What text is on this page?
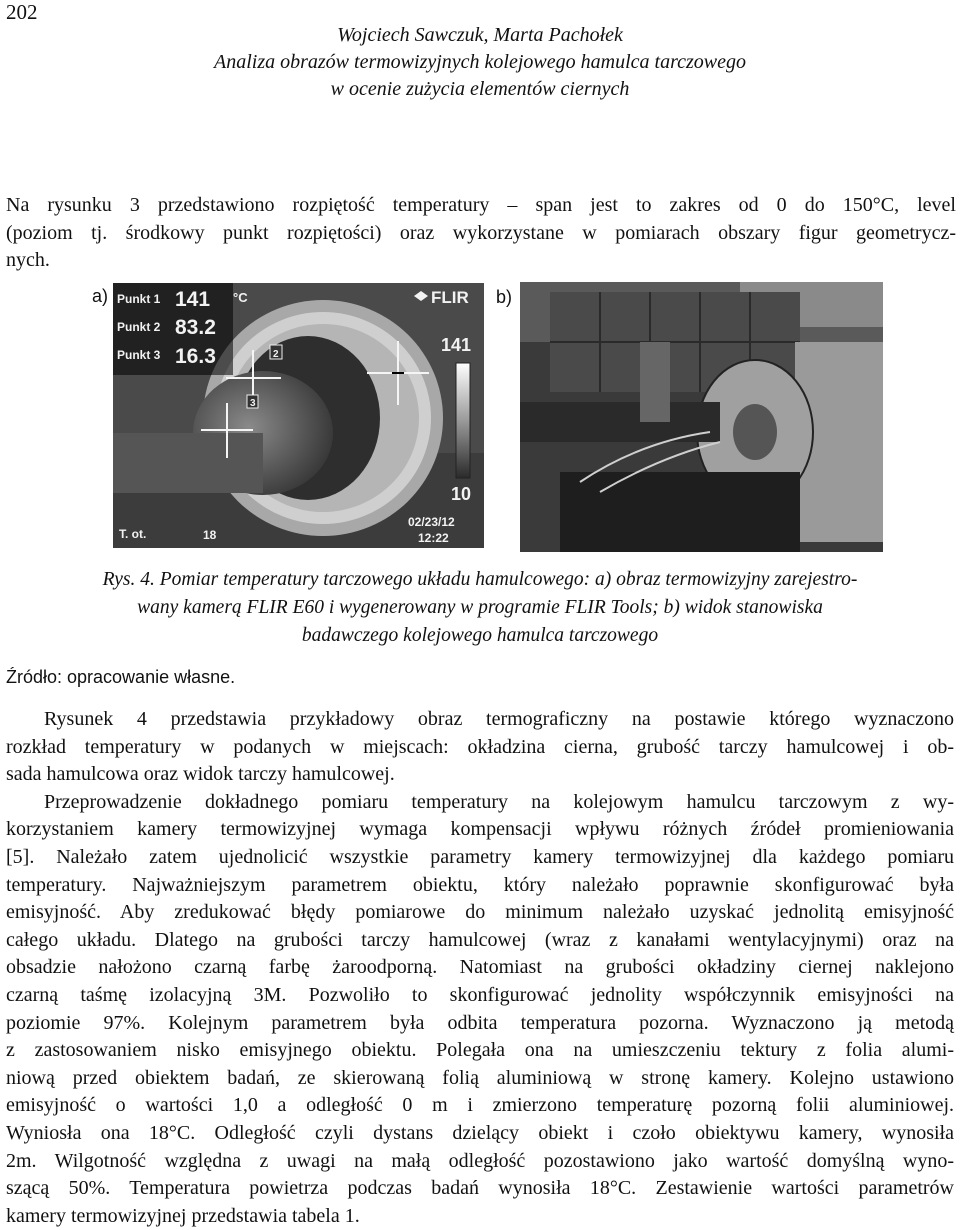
202
Wojciech Sawczuk, Marta Pachołek
Analiza obrazów termowizyjnych kolejowego hamulca tarczowego
w ocenie zużycia elementów ciernych
Na rysunku 3 przedstawiono rozpiętość temperatury – span jest to zakres od 0 do 150°C, level
(poziom tj. środkowy punkt rozpiętości) oraz wykorzystane w pomiarach obszary figur geometrycz-
nych.
a)	b)
Punkt 1 141 °C
Punkt 2 83.2
Punkt 3 16.3
FLIR
141
10
2
3
T. ot.	18
02/23/12
12:22
Rys. 4. Pomiar temperatury tarczowego układu hamulcowego: a) obraz termowizyjny zarejestro-
wany kamerą FLIR E60 i wygenerowany w programie FLIR Tools; b) widok stanowiska
badawczego kolejowego hamulca tarczowego
Źródło: opracowanie własne.
Rysunek 4 przedstawia przykładowy obraz termograficzny na postawie którego wyznaczono
rozkład temperatury w podanych w miejscach: okładzina cierna, grubość tarczy hamulcowej i ob-
sada hamulcowa oraz widok tarczy hamulcowej.
Przeprowadzenie dokładnego pomiaru temperatury na kolejowym hamulcu tarczowym z wy-
korzystaniem kamery termowizyjnej wymaga kompensacji wpływu różnych źródeł promieniowania
[5]. Należało zatem ujednolicić wszystkie parametry kamery termowizyjnej dla każdego pomiaru
temperatury. Najważniejszym parametrem obiektu, który należało poprawnie skonfigurować była
emisyjność. Aby zredukować błędy pomiarowe do minimum należało uzyskać jednolitą emisyjność
całego układu. Dlatego na grubości tarczy hamulcowej (wraz z kanałami wentylacyjnymi) oraz na
obsadzie nałożono czarną farbę żaroodporną. Natomiast na grubości okładziny ciernej naklejono
czarną taśmę izolacyjną 3M. Pozwoliło to skonfigurować jednolity współczynnik emisyjności na
poziomie 97%. Kolejnym parametrem była odbita temperatura pozorna. Wyznaczono ją metodą
z zastosowaniem nisko emisyjnego obiektu. Polegała ona na umieszczeniu tektury z folia alumi-
niową przed obiektem badań, ze skierowaną folią aluminiową w stronę kamery. Kolejno ustawiono
emisyjność o wartości 1,0 a odległość 0 m i zmierzono temperaturę pozorną folii aluminiowej.
Wyniosła ona 18°C. Odległość czyli dystans dzielący obiekt i czoło obiektywu kamery, wynosiła
2m. Wilgotność względna z uwagi na małą odległość pozostawiono jako wartość domyślną wyno-
szącą 50%. Temperatura powietrza podczas badań wynosiła 18°C. Zestawienie wartości parametrów
kamery termowizyjnej przedstawia tabela 1.
